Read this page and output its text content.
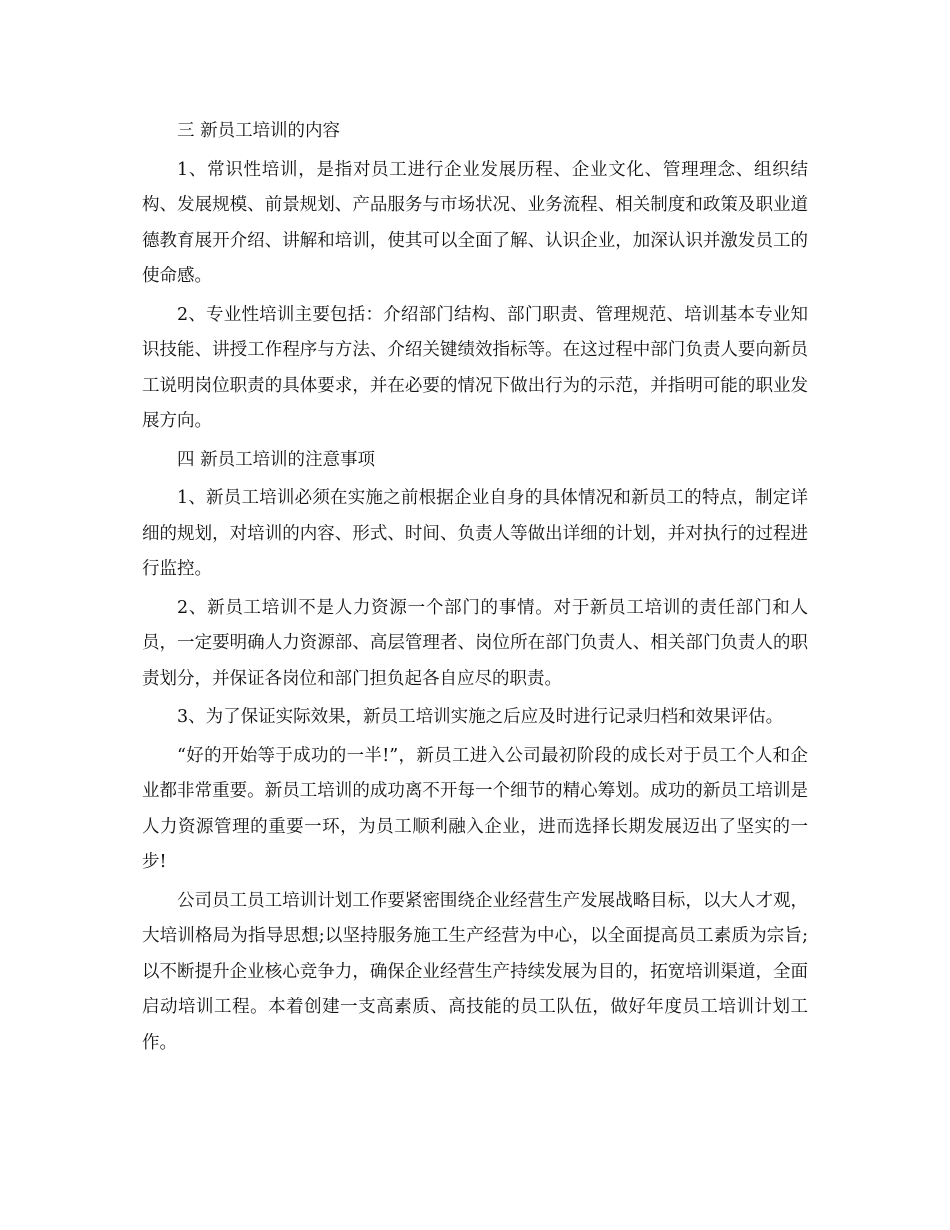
三 新员工培训的内容

1、常识性培训，是指对员工进行企业发展历程、企业文化、管理理念、组织结构、发展规模、前景规划、产品服务与市场状况、业务流程、相关制度和政策及职业道德教育展开介绍、讲解和培训，使其可以全面了解、认识企业，加深认识并激发员工的使命感。

2、专业性培训主要包括：介绍部门结构、部门职责、管理规范、培训基本专业知识技能、讲授工作程序与方法、介绍关键绩效指标等。在这过程中部门负责人要向新员工说明岗位职责的具体要求，并在必要的情况下做出行为的示范，并指明可能的职业发展方向。

四 新员工培训的注意事项

1、新员工培训必须在实施之前根据企业自身的具体情况和新员工的特点，制定详细的规划，对培训的内容、形式、时间、负责人等做出详细的计划，并对执行的过程进行监控。

2、新员工培训不是人力资源一个部门的事情。对于新员工培训的责任部门和人员，一定要明确人力资源部、高层管理者、岗位所在部门负责人、相关部门负责人的职责划分，并保证各岗位和部门担负起各自应尽的职责。

3、为了保证实际效果，新员工培训实施之后应及时进行记录归档和效果评估。

“好的开始等于成功的一半!”，新员工进入公司最初阶段的成长对于员工个人和企业都非常重要。新员工培训的成功离不开每一个细节的精心筹划。成功的新员工培训是人力资源管理的重要一环，为员工顺利融入企业，进而选择长期发展迈出了坚实的一步!

公司员工员工培训计划工作要紧密围绕企业经营生产发展战略目标，以大人才观，大培训格局为指导思想;以坚持服务施工生产经营为中心，以全面提高员工素质为宗旨;以不断提升企业核心竞争力，确保企业经营生产持续发展为目的，拓宽培训渠道，全面启动培训工程。本着创建一支高素质、高技能的员工队伍，做好年度员工培训计划工作。
